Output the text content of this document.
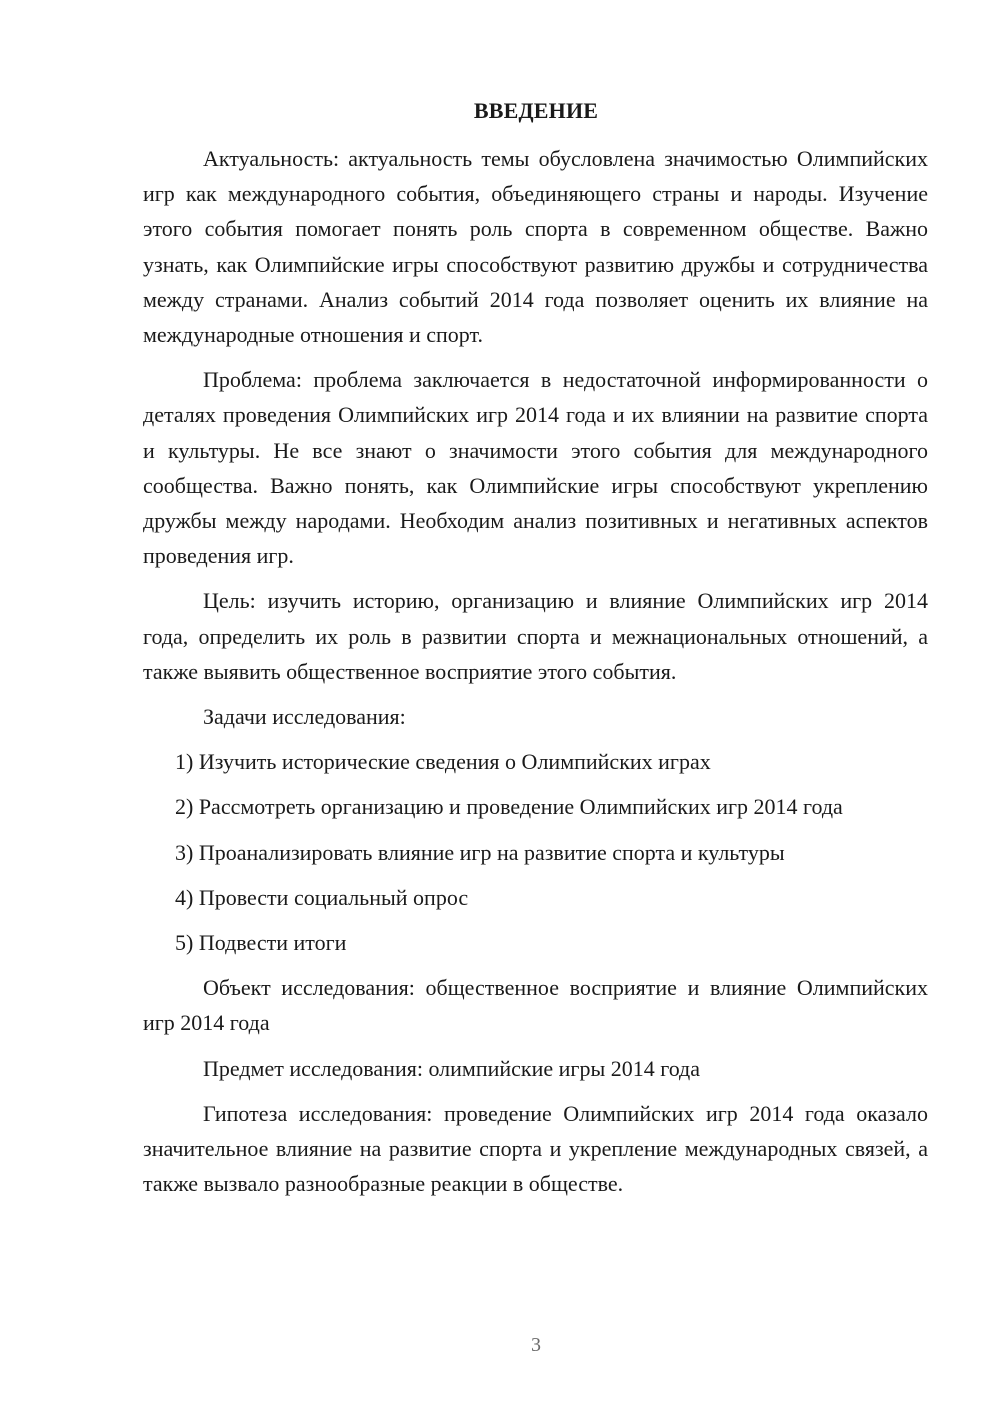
ВВЕДЕНИЕ

Актуальность: актуальность темы обусловлена значимостью Олимпийских игр как международного события, объединяющего страны и народы. Изучение этого события помогает понять роль спорта в современном обществе. Важно узнать, как Олимпийские игры способствуют развитию дружбы и сотрудничества между странами. Анализ событий 2014 года позволяет оценить их влияние на международные отношения и спорт.

Проблема: проблема заключается в недостаточной информированности о деталях проведения Олимпийских игр 2014 года и их влиянии на развитие спорта и культуры. Не все знают о значимости этого события для международного сообщества. Важно понять, как Олимпийские игры способствуют укреплению дружбы между народами. Необходим анализ позитивных и негативных аспектов проведения игр.

Цель: изучить историю, организацию и влияние Олимпийских игр 2014 года, определить их роль в развитии спорта и межнациональных отношений, а также выявить общественное восприятие этого события.

Задачи исследования:

1) Изучить исторические сведения о Олимпийских играх
2) Рассмотреть организацию и проведение Олимпийских игр 2014 года
3) Проанализировать влияние игр на развитие спорта и культуры
4) Провести социальный опрос
5) Подвести итоги

Объект исследования: общественное восприятие и влияние Олимпийских игр 2014 года

Предмет исследования: олимпийские игры 2014 года

Гипотеза исследования: проведение Олимпийских игр 2014 года оказало значительное влияние на развитие спорта и укрепление международных связей, а также вызвало разнообразные реакции в обществе.

3
